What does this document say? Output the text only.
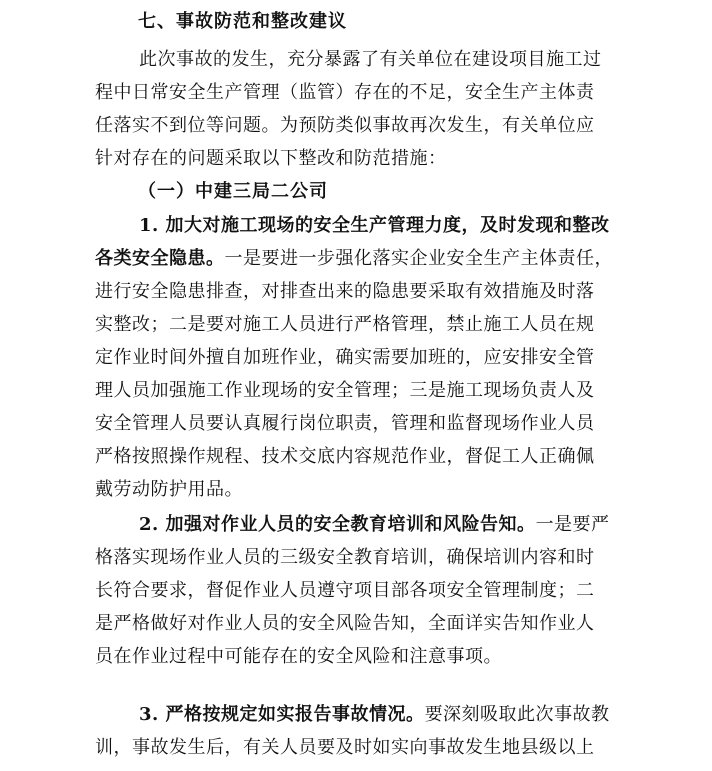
七、事故防范和整改建议
此次事故的发生，充分暴露了有关单位在建设项目施工过
程中日常安全生产管理（监管）存在的不足，安全生产主体责
任落实不到位等问题。为预防类似事故再次发生，有关单位应
针对存在的问题采取以下整改和防范措施：
（一）中建三局二公司
1. 加大对施工现场的安全生产管理力度，及时发现和整改
各类安全隐患。一是要进一步强化落实企业安全生产主体责任，
进行安全隐患排查，对排查出来的隐患要采取有效措施及时落
实整改；二是要对施工人员进行严格管理，禁止施工人员在规
定作业时间外擅自加班作业，确实需要加班的，应安排安全管
理人员加强施工作业现场的安全管理；三是施工现场负责人及
安全管理人员要认真履行岗位职责，管理和监督现场作业人员
严格按照操作规程、技术交底内容规范作业，督促工人正确佩
戴劳动防护用品。
2. 加强对作业人员的安全教育培训和风险告知。一是要严
格落实现场作业人员的三级安全教育培训，确保培训内容和时
长符合要求，督促作业人员遵守项目部各项安全管理制度；二
是严格做好对作业人员的安全风险告知，全面详实告知作业人
员在作业过程中可能存在的安全风险和注意事项。
3. 严格按规定如实报告事故情况。要深刻吸取此次事故教
训，事故发生后，有关人员要及时如实向事故发生地县级以上
